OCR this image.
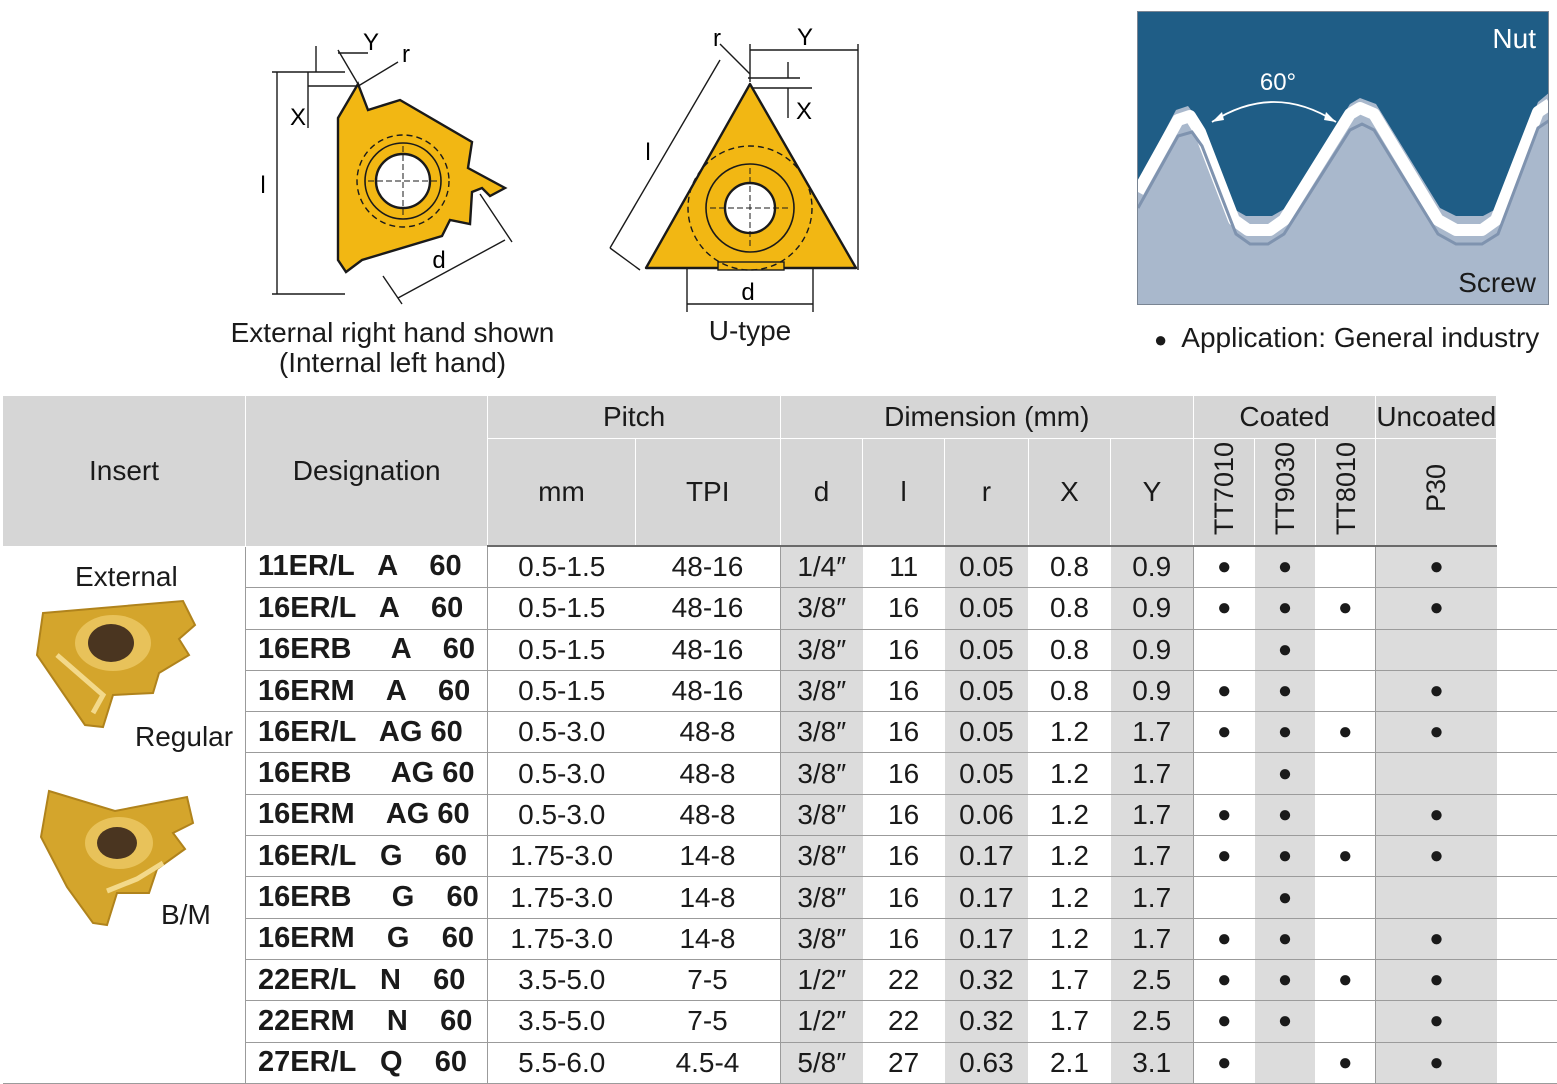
Y r
X
l
d
External right hand shown
(Internal left hand)
r	Y
X
l
d
U-type
Nut
60°
Screw
● Application: General industry
Insert	Designation	Pitch		Dimension (mm)					Coated			Uncoated	
		mm	TPI	d	l	r	X	Y	TT7010	TT9030	TT8010	P30	

External
Regular
B/M	11ER/L   A    60	0.5-1.5	48-16	1/4″	11	0.05	0.8	0.9	●	●		●	
	16ER/L   A    60	0.5-1.5	48-16	3/8″	16	0.05	0.8	0.9	●	●	●	●	
	16ERB     A    60	0.5-1.5	48-16	3/8″	16	0.05	0.8	0.9		●			
	16ERM    A    60	0.5-1.5	48-16	3/8″	16	0.05	0.8	0.9	●	●		●	
	16ER/L   AG 60	0.5-3.0	48-8	3/8″	16	0.05	1.2	1.7	●	●	●	●	
	16ERB     AG 60	0.5-3.0	48-8	3/8″	16	0.05	1.2	1.7		●			
	16ERM    AG 60	0.5-3.0	48-8	3/8″	16	0.06	1.2	1.7	●	●		●	
	16ER/L   G    60	1.75-3.0	14-8	3/8″	16	0.17	1.2	1.7	●	●	●	●	
	16ERB     G    60	1.75-3.0	14-8	3/8″	16	0.17	1.2	1.7		●			
	16ERM    G    60	1.75-3.0	14-8	3/8″	16	0.17	1.2	1.7	●	●		●	
	22ER/L   N    60	3.5-5.0	7-5	1/2″	22	0.32	1.7	2.5	●	●	●	●	
	22ERM    N    60	3.5-5.0	7-5	1/2″	22	0.32	1.7	2.5	●	●		●	
	27ER/L   Q    60	5.5-6.0	4.5-4	5/8″	27	0.63	2.1	3.1	●		●	●	
